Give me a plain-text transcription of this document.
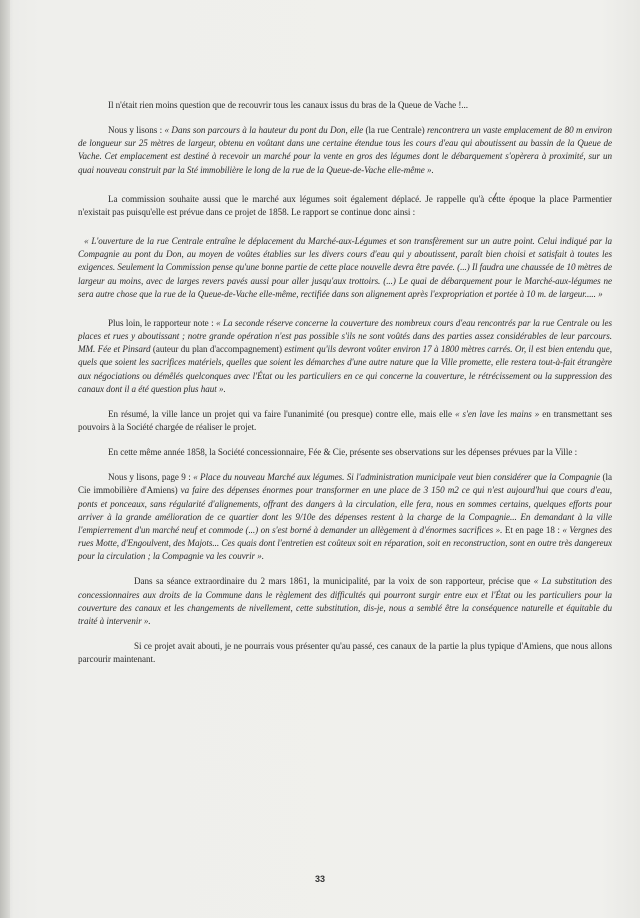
Il n'était rien moins question que de recouvrir tous les canaux issus du bras de la Queue de Vache !...

Nous y lisons : « Dans son parcours à la hauteur du pont du Don, elle (la rue Centrale) rencontrera un vaste emplacement de 80 m environ de longueur sur 25 mètres de largeur, obtenu en voûtant dans une certaine étendue tous les cours d'eau qui aboutissent au bassin de la Queue de Vache. Cet emplacement est destiné à recevoir un marché pour la vente en gros des légumes dont le débarquement s'opèrera à proximité, sur un quai nouveau construit par la Sté immobilière le long de la rue de la Queue-de-Vache elle-même ».

La commission souhaite aussi que le marché aux légumes soit également déplacé. Je rappelle qu'à cette époque la place Parmentier n'existait pas puisqu'elle est prévue dans ce projet de 1858. Le rapport se continue donc ainsi :

« L'ouverture de la rue Centrale entraîne le déplacement du Marché-aux-Légumes et son transfèrement sur un autre point. Celui indiqué par la Compagnie au pont du Don, au moyen de voûtes établies sur les divers cours d'eau qui y aboutissent, paraît bien choisi et satisfait à toutes les exigences. Seulement la Commission pense qu'une bonne partie de cette place nouvelle devra être pavée. (...) Il faudra une chaussée de 10 mètres de largeur au moins, avec de larges revers pavés aussi pour aller jusqu'aux trottoirs. (...) Le quai de débarquement pour le Marché-aux-légumes ne sera autre chose que la rue de la Queue-de-Vache elle-même, rectifiée dans son alignement après l'expropriation et portée à 10 m. de largeur..... »

Plus loin, le rapporteur note : « La seconde réserve concerne la couverture des nombreux cours d'eau rencontrés par la rue Centrale ou les places et rues y aboutissant ; notre grande opération n'est pas possible s'ils ne sont voûtés dans des parties assez considérables de leur parcours. MM. Fée et Pinsard (auteur du plan d'accompagnement) estiment qu'ils devront voûter environ 17 à 1800 mètres carrés. Or, il est bien entendu que, quels que soient les sacrifices matériels, quelles que soient les démarches d'une autre nature que la Ville promette, elle restera tout-à-fait étrangère aux négociations ou démêlés quelconques avec l'État ou les particuliers en ce qui concerne la couverture, le rétrécissement ou la suppression des canaux dont il a été question plus haut ».

En résumé, la ville lance un projet qui va faire l'unanimité (ou presque) contre elle, mais elle « s'en lave les mains » en transmettant ses pouvoirs à la Société chargée de réaliser le projet.

En cette même année 1858, la Société concessionnaire, Fée & Cie, présente ses observations sur les dépenses prévues par la Ville :

Nous y lisons, page 9 : « Place du nouveau Marché aux légumes. Si l'administration municipale veut bien considérer que la Compagnie (la Cie immobilière d'Amiens) va faire des dépenses énormes pour transformer en une place de 3 150 m2 ce qui n'est aujourd'hui que cours d'eau, ponts et ponceaux, sans régularité d'alignements, offrant des dangers à la circulation, elle fera, nous en sommes certains, quelques efforts pour arriver à la grande amélioration de ce quartier dont les 9/10e des dépenses restent à la charge de la Compagnie... En demandant à la ville l'empierrement d'un marché neuf et commode (...) on s'est borné à demander un allègement à d'énormes sacrifices ». Et en page 18 : « Vergnes des rues Motte, d'Engoulvent, des Majots... Ces quais dont l'entretien est coûteux soit en réparation, soit en reconstruction, sont en outre très dangereux pour la circulation ; la Compagnie va les couvrir ».

Dans sa séance extraordinaire du 2 mars 1861, la municipalité, par la voix de son rapporteur, précise que « La substitution des concessionnaires aux droits de la Commune dans le règlement des difficultés qui pourront surgir entre eux et l'État ou les particuliers pour la couverture des canaux et les changements de nivellement, cette substitution, dis-je, nous a semblé être la conséquence naturelle et équitable du traité à intervenir ».

Si ce projet avait abouti, je ne pourrais vous présenter qu'au passé, ces canaux de la partie la plus typique d'Amiens, que nous allons parcourir maintenant.

33
